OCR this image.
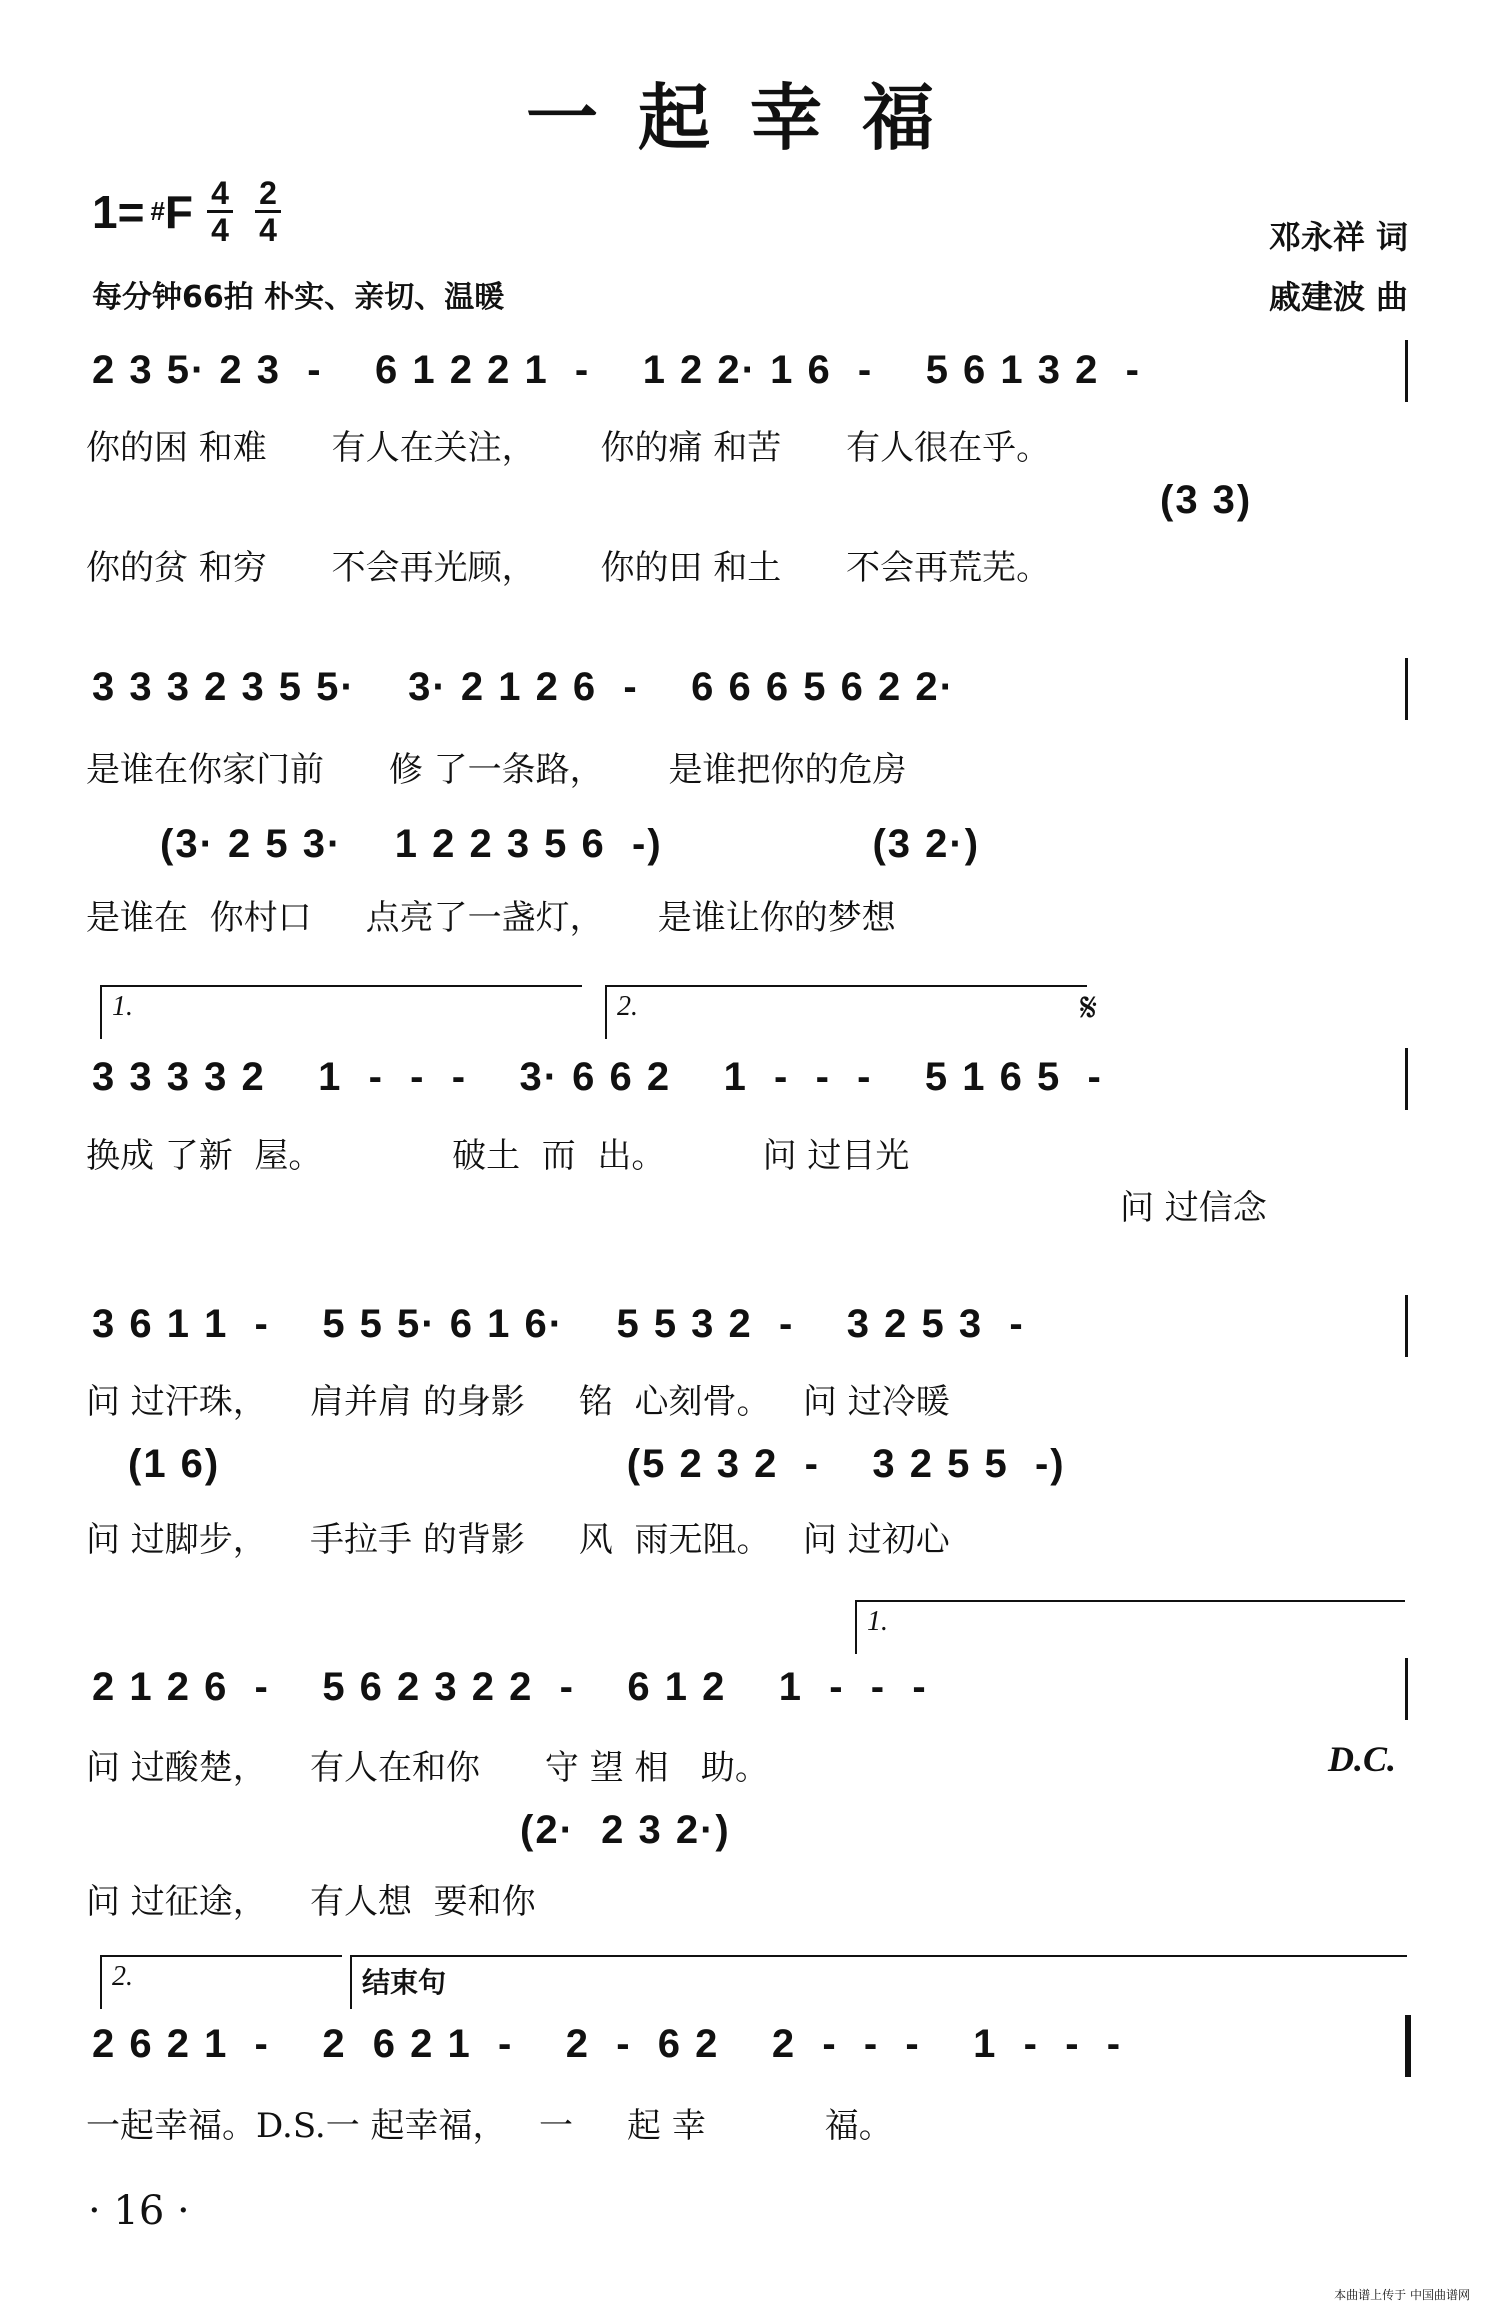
一起幸福
1= # F $\frac{4}{4} \frac{2}{4}$
每分钟66拍 朴实、亲切、温暖
邓永祥 词
戚建波 曲
2 3 5· 2 3  -    6 1 2 2 1  -    1 2 2· 1 6  -    5 6 1 3 2  -
你的困 和难      有人在关注，      你的痛 和苦      有人很在乎。
(3 3)
你的贫 和穷      不会再光顾，      你的田 和土      不会再荒芜。
3 3 3 2 3 5 5·    3· 2 1 2 6  -    6 6 6 5 6 2 2·
是谁在你家门前      修 了一条路，      是谁把你的危房
(3· 2 5 3·    1 2 2 3 5 6  -)                (3 2·)
是谁在  你村口     点亮了一盏灯，     是谁让你的梦想
1.	2.	𝄋
3 3 3 3 2    1  -  -  -    3· 6 6 2    1  -  -  -    5 1 6 5  -
换成 了新  屋。            破土  而  出。         问 过目光
问 过信念
3 6 1 1  -    5 5 5· 6 1 6·    5 5 3 2  -    3 2 5 3  -
问 过汗珠，    肩并肩 的身影     铭  心刻骨。   问 过冷暖
(1 6)                               (5 2 3 2  -    3 2 5 5  -)
问 过脚步，    手拉手 的背影     风  雨无阻。   问 过初心
1.
2 1 2 6  -    5 6 2 3 2 2  -    6 1 2    1  -  -  -
问 过酸楚，    有人在和你      守 望 相   助。	D.C.
(2·  2 3 2·)
问 过征途，    有人想  要和你
2.	结束句
2 6 2 1  -    2  6 2 1  -    2  -  6 2    2  -  -  -    1  -  -  -
一起幸福。D.S.一 起幸福，   一     起 幸           福。
· 16 ·
本曲谱上传于 中国曲谱网
